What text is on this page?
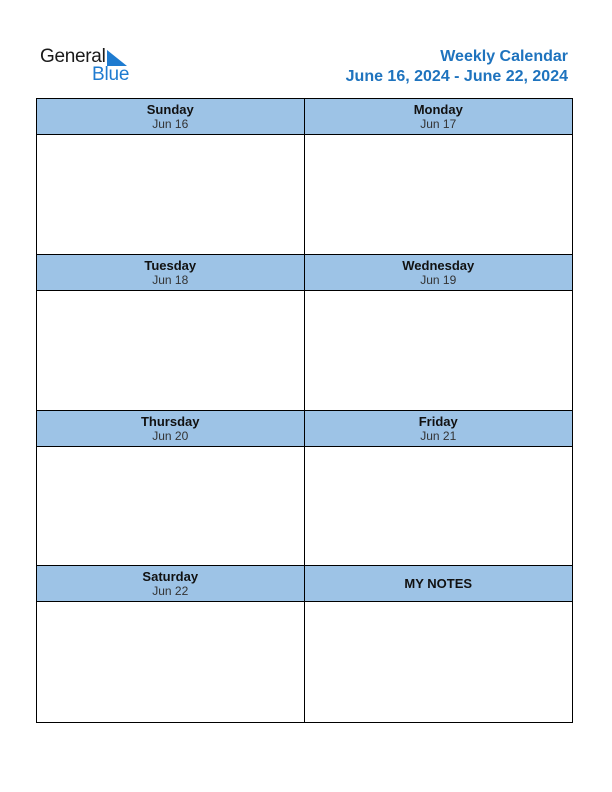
General
Blue
Weekly Calendar
June 16, 2024 - June 22, 2024
Sunday
Jun 16
Monday
Jun 17
Tuesday
Jun 18
Wednesday
Jun 19
Thursday
Jun 20
Friday
Jun 21
Saturday
Jun 22	MY NOTES
